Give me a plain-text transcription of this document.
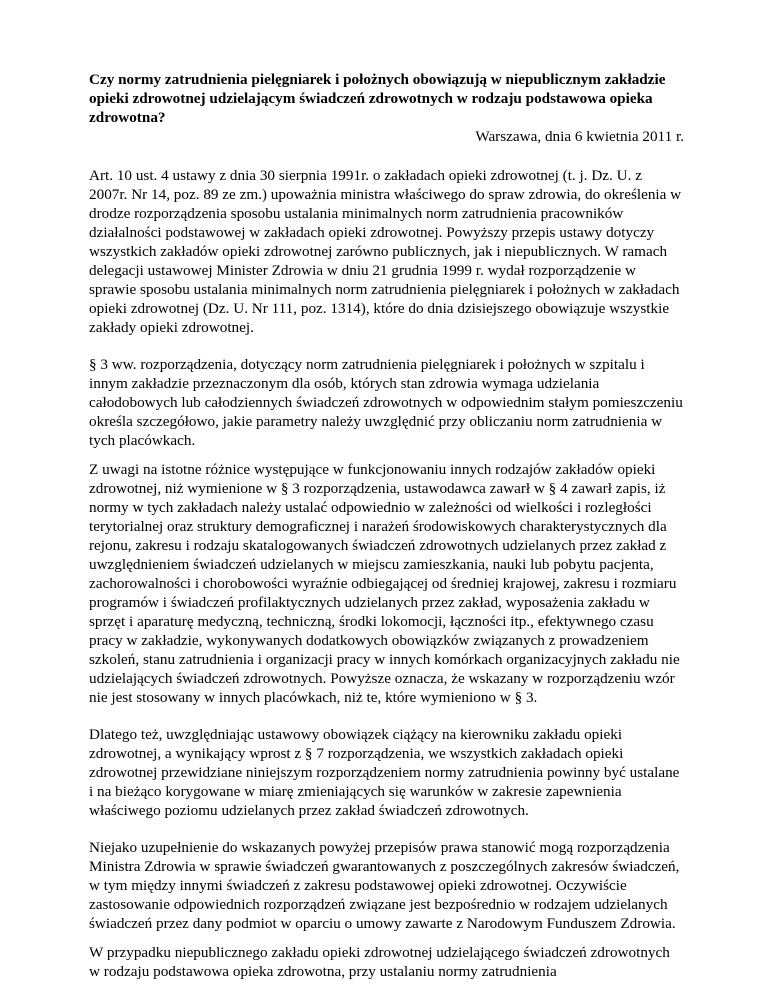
Czy normy zatrudnienia pielęgniarek i położnych obowiązują w niepublicznym zakładzie opieki zdrowotnej udzielającym świadczeń zdrowotnych w rodzaju podstawowa opieka zdrowotna?

Warszawa, dnia 6 kwietnia 2011 r.

Art. 10 ust. 4 ustawy z dnia 30 sierpnia 1991r. o zakładach opieki zdrowotnej (t. j. Dz. U. z 2007r. Nr 14, poz. 89 ze zm.) upoważnia ministra właściwego do spraw zdrowia, do określenia w drodze rozporządzenia sposobu ustalania minimalnych norm zatrudnienia pracowników działalności podstawowej w zakładach opieki zdrowotnej. Powyższy przepis ustawy dotyczy wszystkich zakładów opieki zdrowotnej zarówno publicznych, jak i niepublicznych. W ramach delegacji ustawowej Minister Zdrowia w dniu 21 grudnia 1999 r. wydał rozporządzenie w sprawie sposobu ustalania minimalnych norm zatrudnienia pielęgniarek i położnych w zakładach opieki zdrowotnej (Dz. U. Nr 111, poz. 1314), które do dnia dzisiejszego obowiązuje wszystkie zakłady opieki zdrowotnej.

§ 3 ww. rozporządzenia, dotyczący norm zatrudnienia pielęgniarek i położnych w szpitalu i innym zakładzie przeznaczonym dla osób, których stan zdrowia wymaga udzielania całodobowych lub całodziennych świadczeń zdrowotnych w odpowiednim stałym pomieszczeniu określa szczegółowo, jakie parametry należy uwzględnić przy obliczaniu norm zatrudnienia w tych placówkach.

Z uwagi na istotne różnice występujące w funkcjonowaniu innych rodzajów zakładów opieki zdrowotnej, niż wymienione w § 3 rozporządzenia, ustawodawca zawarł w § 4 zawarł zapis, iż normy w tych zakładach należy ustalać odpowiednio w zależności od wielkości i rozległości terytorialnej oraz struktury demograficznej i narażeń środowiskowych charakterystycznych dla rejonu, zakresu i rodzaju skatalogowanych świadczeń zdrowotnych udzielanych przez zakład z uwzględnieniem świadczeń udzielanych w miejscu zamieszkania, nauki lub pobytu pacjenta, zachorowalności i chorobowości wyraźnie odbiegającej od średniej krajowej, zakresu i rozmiaru programów i świadczeń profilaktycznych udzielanych przez zakład, wyposażenia zakładu w sprzęt i aparaturę medyczną, techniczną, środki lokomocji, łączności itp., efektywnego czasu pracy w zakładzie, wykonywanych dodatkowych obowiązków związanych z prowadzeniem szkoleń, stanu zatrudnienia i organizacji pracy w innych komórkach organizacyjnych zakładu nie udzielających świadczeń zdrowotnych. Powyższe oznacza, że wskazany w rozporządzeniu wzór nie jest stosowany w innych placówkach, niż te, które wymieniono w § 3.

Dlatego też, uwzględniając ustawowy obowiązek ciążący na kierowniku zakładu opieki zdrowotnej, a wynikający wprost z § 7 rozporządzenia, we wszystkich zakładach opieki zdrowotnej przewidziane niniejszym rozporządzeniem normy zatrudnienia powinny być ustalane i na bieżąco korygowane w miarę zmieniających się warunków w zakresie zapewnienia właściwego poziomu udzielanych przez zakład świadczeń zdrowotnych.

Niejako uzupełnienie do wskazanych powyżej przepisów prawa stanowić mogą rozporządzenia Ministra Zdrowia w sprawie świadczeń gwarantowanych z poszczególnych zakresów świadczeń, w tym między innymi świadczeń z zakresu podstawowej opieki zdrowotnej. Oczywiście zastosowanie odpowiednich rozporządzeń związane jest bezpośrednio w rodzajem udzielanych świadczeń przez dany podmiot w oparciu o umowy zawarte z Narodowym Funduszem Zdrowia.

W przypadku niepublicznego zakładu opieki zdrowotnej udzielającego świadczeń zdrowotnych w rodzaju podstawowa opieka zdrowotna, przy ustalaniu normy zatrudnienia
